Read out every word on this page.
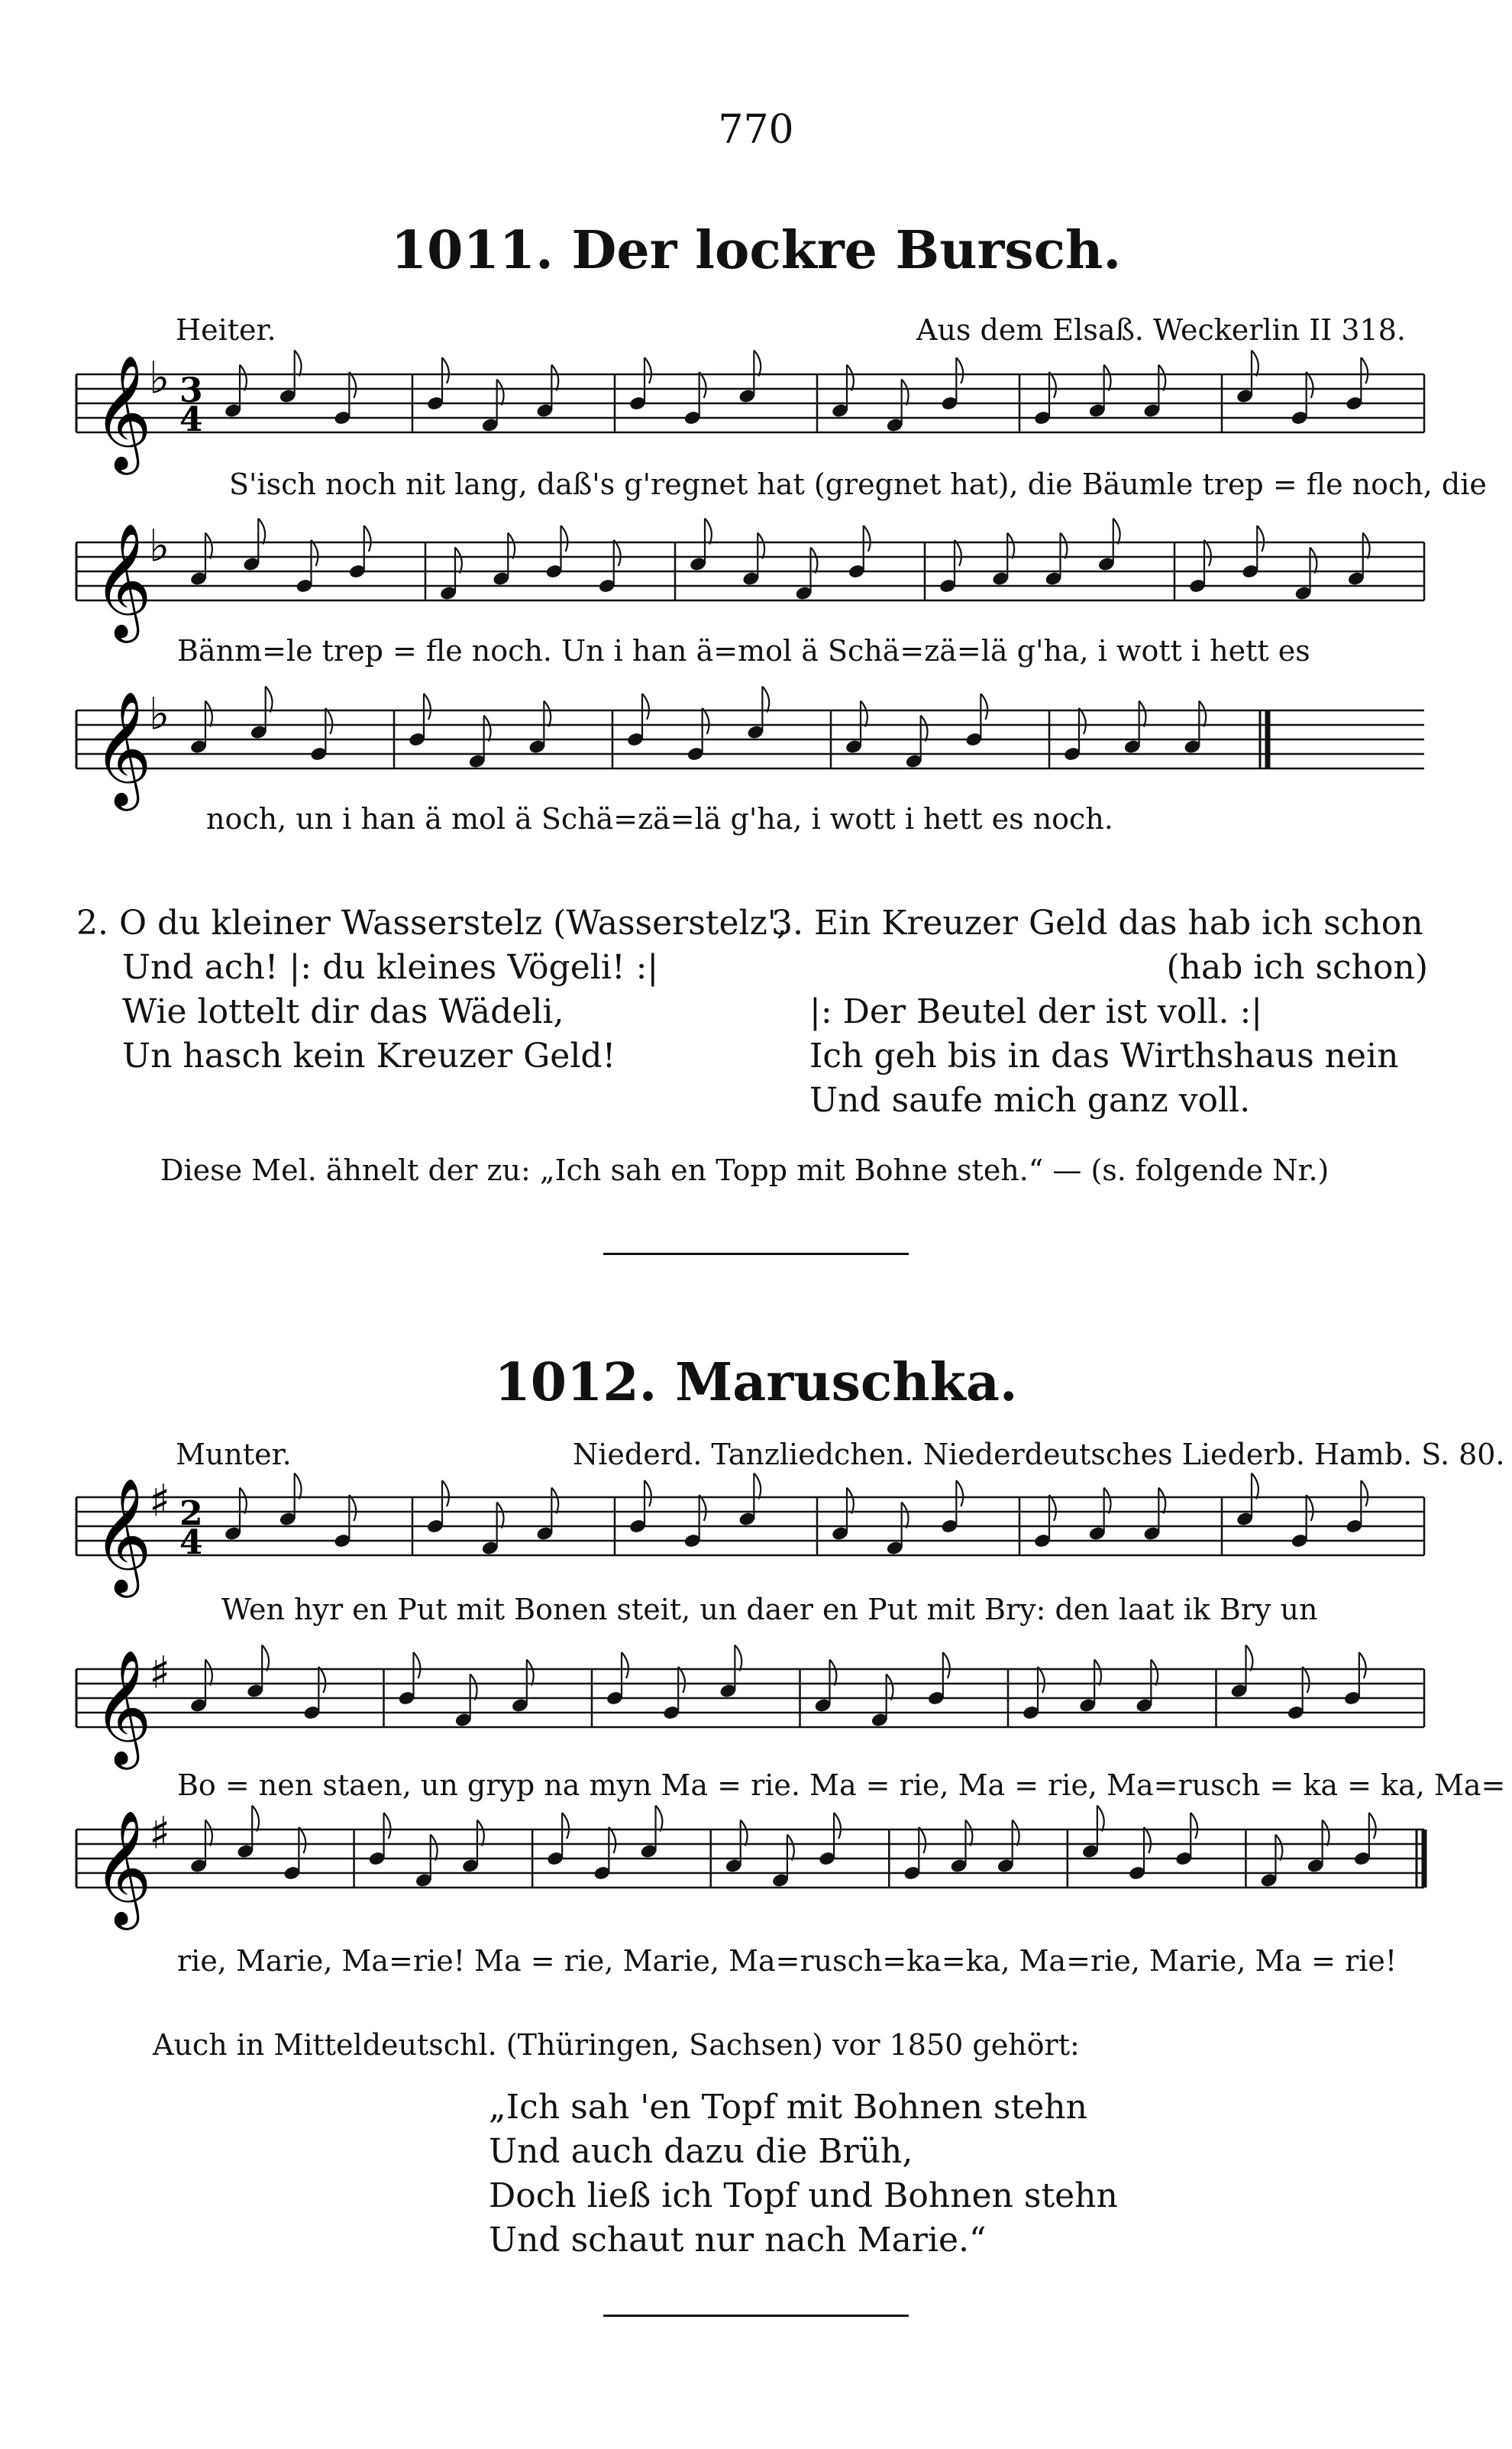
770
1011. Der lockre Bursch.
Heiter.	Aus dem Elsaß. Weckerlin II 318.
𝄞
♭ 3
4
S'isch noch nit lang, daß's g'regnet hat (gregnet hat), die Bäumle trep = fle noch, die
𝄞
♭
Bänm=le trep = fle noch. Un i han ä=mol ä Schä=zä=lä g'ha, i wott i hett es
𝄞
♭
noch, un i han ä mol ä Schä=zä=lä g'ha, i wott i hett es noch.
2. O du kleiner Wasserstelz (Wasserstelz',
Und ach! |: du kleines Vögeli! :|
Wie lottelt dir das Wädeli,
Un hasch kein Kreuzer Geld!
3. Ein Kreuzer Geld das hab ich schon
(hab ich schon)
|: Der Beutel der ist voll. :|
Ich geh bis in das Wirthshaus nein
Und saufe mich ganz voll.
Diese Mel. ähnelt der zu: „Ich sah en Topp mit Bohne steh.“ — (s. folgende Nr.)
1012. Maruschka.
Munter.	Niederd. Tanzliedchen. Niederdeutsches Liederb. Hamb. S. 80.
𝄞
♯ 2
4
Wen hyr en Put mit Bonen steit, un daer en Put mit Bry: den laat ik Bry un
𝄞
♯
Bo = nen staen, un gryp na myn Ma = rie. Ma = rie, Ma = rie, Ma=rusch = ka = ka, Ma=
𝄞
♯
rie, Marie, Ma=rie! Ma = rie, Marie, Ma=rusch=ka=ka, Ma=rie, Marie, Ma = rie!
Auch in Mitteldeutschl. (Thüringen, Sachsen) vor 1850 gehört:
„Ich sah 'en Topf mit Bohnen stehn
Und auch dazu die Brüh,
Doch ließ ich Topf und Bohnen stehn
Und schaut nur nach Marie.“
